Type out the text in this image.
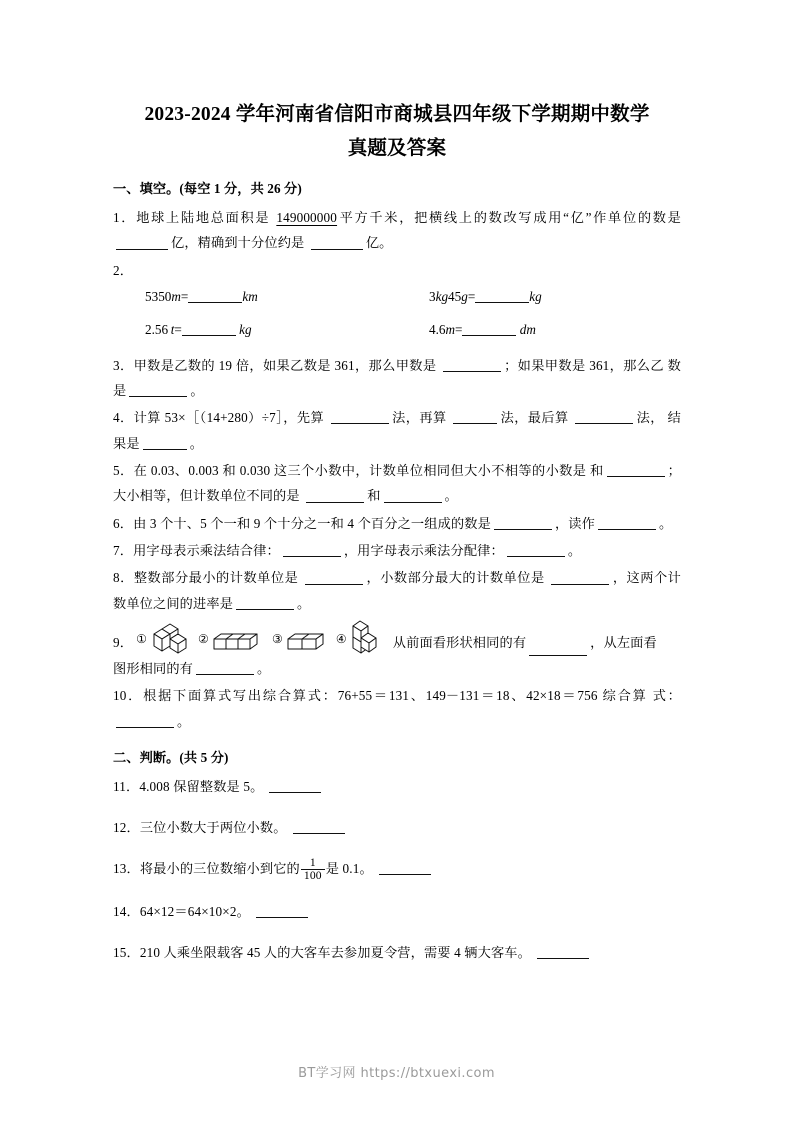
2023-2024 学年河南省信阳市商城县四年级下学期期中数学
真题及答案
一、填空。(每空 1 分，共 26 分)
1．地球上陆地总面积是 149000000平方千米，把横线上的数改写成用“亿”作单位的数是 亿，精确到十分位约是	亿。
2．
5350m=	km	3kg45g=	kg
2.56  t=	kg	4.6m=	dm
3．甲数是乙数的 19 倍，如果乙数是 361，那么甲数是	；如果甲数是 361，那么乙 数是	。
4．计算 53×［（14+280）÷7］，先算	法，再算	法，最后算	法， 结果是	。
5．在 0.03、0.003 和 0.030 这三个小数中，计数单位相同但大小不相等的小数是 和	；大小相等，但计数单位不同的是	和	。
6．由 3 个十、5 个一和 9 个十分之一和 4 个百分之一组成的数是	，读作	。
7．用字母表示乘法结合律：	，用字母表示乘法分配律：	。
8．整数部分最小的计数单位是	，小数部分最大的计数单位是	，这两个计 数单位之间的进率是	。
9． ①	②	③	④	从前面看形状相同的有	，从左面看
图形相同的有	。
10．根据下面算式写出综合算式：76+55＝131、149－131＝18、42×18＝756 综合算 式：。
二、判断。(共 5 分)
11．4.008 保留整数是 5。
12．三位小数大于两位小数。
13．将最小的三位数缩小到它的 $\frac{1}{100}$ 是 0.1。
14．64×12＝64×10×2。
15．210 人乘坐限载客 45 人的大客车去参加夏令营，需要 4 辆大客车。
BT学习网 https://btxuexi.com
